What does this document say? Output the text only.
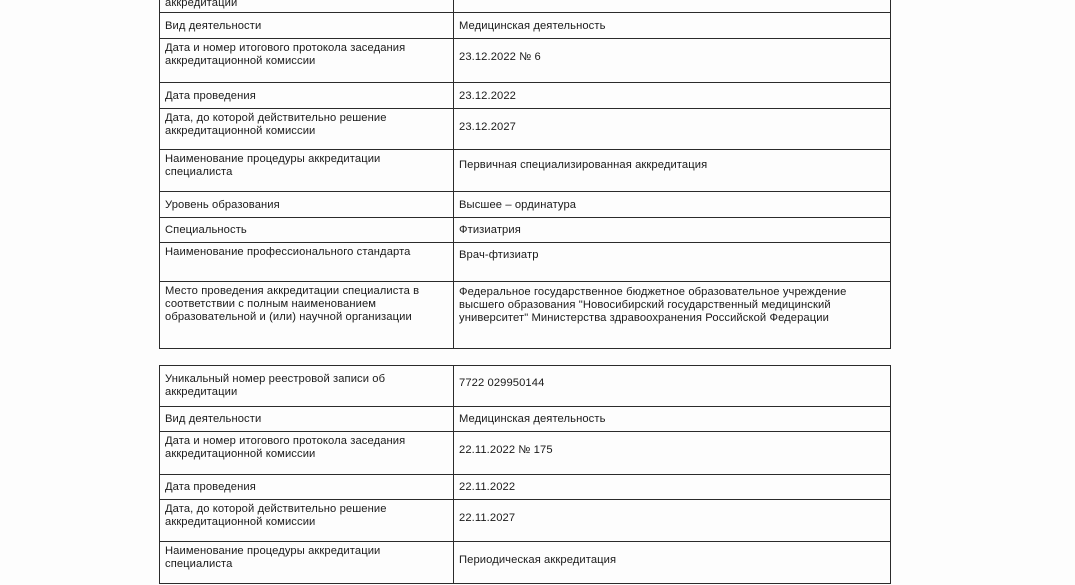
аккредитации	
Вид деятельности	Медицинская деятельность
Дата и номер итогового протокола заседания аккредитационной комиссии	23.12.2022 № 6
Дата проведения	23.12.2022
Дата, до которой действительно решение аккредитационной комиссии	23.12.2027
Наименование процедуры аккредитации специалиста	Первичная специализированная аккредитация
Уровень образования	Высшее – ординатура
Специальность	Фтизиатрия
Наименование профессионального стандарта	Врач-фтизиатр
Место проведения аккредитации специалиста в соответствии с полным наименованием образовательной и (или) научной организации	Федеральное государственное бюджетное образовательное учреждение высшего образования "Новосибирский государственный медицинский университет" Министерства здравоохранения Российской Федерации
Уникальный номер реестровой записи об аккредитации	7722 029950144
Вид деятельности	Медицинская деятельность
Дата и номер итогового протокола заседания аккредитационной комиссии	22.11.2022 № 175
Дата проведения	22.11.2022
Дата, до которой действительно решение аккредитационной комиссии	22.11.2027
Наименование процедуры аккредитации специалиста	Периодическая аккредитация
